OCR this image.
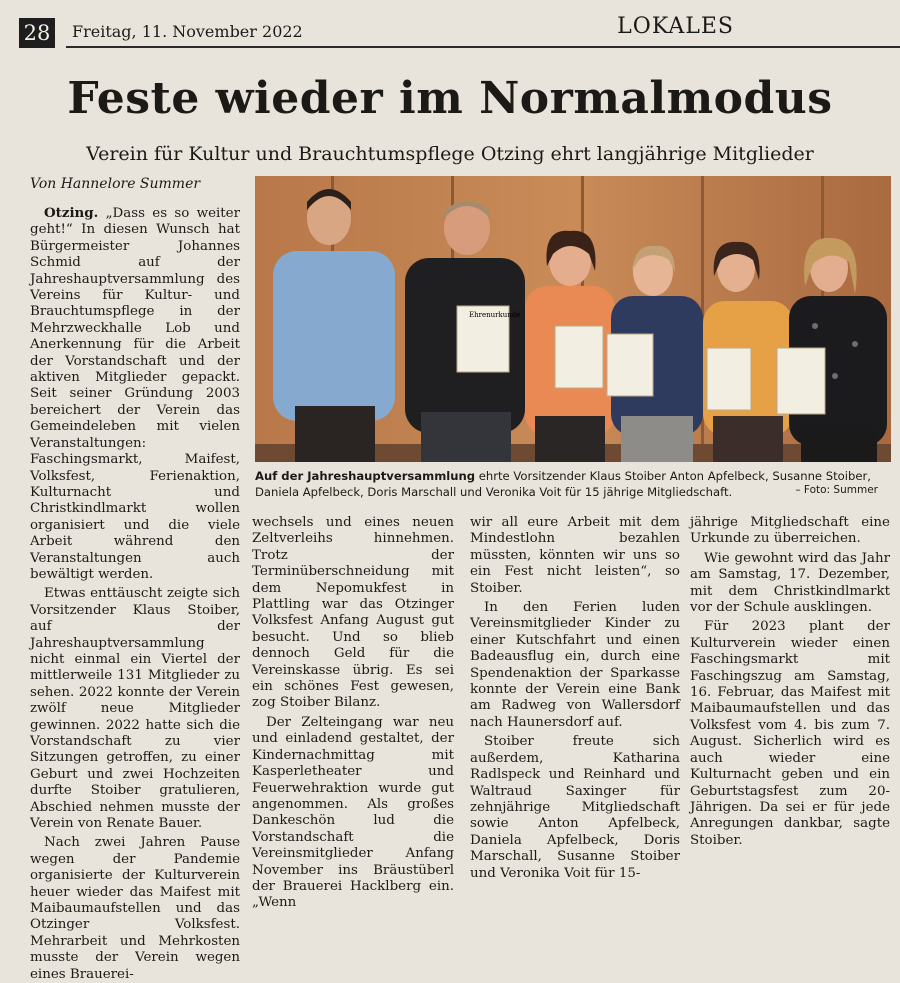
28 Freitag, 11. November 2022	LOKALES
Feste wieder im Normalmodus
Verein für Kultur und Brauchtumspflege Otzing ehrt langjährige Mitglieder
Von Hannelore Summer

Otzing. „Dass es so weiter geht!“ In diesen Wunsch hat Bürgermeister Johannes Schmid auf der Jahreshauptversammlung des Vereins für Kultur- und Brauchtumspflege in der Mehrzweckhalle Lob und Anerkennung für die Arbeit der Vorstandschaft und der aktiven Mitglieder gepackt. Seit seiner Gründung 2003 bereichert der Verein das Gemeindeleben mit vielen Veranstaltungen: Faschingsmarkt, Maifest, Volksfest, Ferienaktion, Kulturnacht und Christkindlmarkt wollen organisiert und die viele Arbeit während den Veranstaltungen auch bewältigt werden.

Etwas enttäuscht zeigte sich Vorsitzender Klaus Stoiber, auf der Jahreshauptversammlung nicht einmal ein Viertel der mittlerweile 131 Mitglieder zu sehen. 2022 konnte der Verein zwölf neue Mitglieder gewinnen. 2022 hatte sich die Vorstandschaft zu vier Sitzungen getroffen, zu einer Geburt und zwei Hochzeiten durfte Stoiber gratulieren, Abschied nehmen musste der Verein von Renate Bauer.

Nach zwei Jahren Pause wegen der Pandemie organisierte der Kulturverein heuer wieder das Maifest mit Maibaumaufstellen und das Otzinger Volksfest. Mehrarbeit und Mehrkosten musste der Verein wegen eines Brauerei-

Ehrenurkunde
Auf der Jahreshauptversammlung ehrte Vorsitzender Klaus Stoiber Anton Apfelbeck, Susanne Stoiber, Daniela Apfelbeck, Doris Marschall und Veronika Voit für 15 jährige Mitgliedschaft.	– Foto: Summer

wechsels und eines neuen Zeltverleihs hinnehmen. Trotz der Terminüberschneidung mit dem Nepomukfest in Plattling war das Otzinger Volksfest Anfang August gut besucht. Und so blieb dennoch Geld für die Vereinskasse übrig. Es sei ein schönes Fest gewesen, zog Stoiber Bilanz.

Der Zelteingang war neu und einladend gestaltet, der Kindernachmittag mit Kasperletheater und Feuerwehraktion wurde gut angenommen. Als großes Dankeschön lud die Vorstandschaft die Vereinsmitglieder Anfang November ins Bräustüberl der Brauerei Hacklberg ein. „Wenn

wir all eure Arbeit mit dem Mindestlohn bezahlen müssten, könnten wir uns so ein Fest nicht leisten“, so Stoiber.

In den Ferien luden Vereinsmitglieder Kinder zu einer Kutschfahrt und einen Badeausflug ein, durch eine Spendenaktion der Sparkasse konnte der Verein eine Bank am Radweg von Wallersdorf nach Haunersdorf auf.

Stoiber freute sich außerdem, Katharina Radlspeck und Reinhard und Waltraud Saxinger für zehnjährige Mitgliedschaft sowie Anton Apfelbeck, Daniela Apfelbeck, Doris Marschall, Susanne Stoiber und Veronika Voit für 15-

jährige Mitgliedschaft eine Urkunde zu überreichen.

Wie gewohnt wird das Jahr am Samstag, 17. Dezember, mit dem Christkindlmarkt vor der Schule ausklingen.

Für 2023 plant der Kulturverein wieder einen Faschingsmarkt mit Faschingszug am Samstag, 16. Februar, das Maifest mit Maibaumaufstellen und das Volksfest vom 4. bis zum 7. August. Sicherlich wird es auch wieder eine Kulturnacht geben und ein Geburtstagsfest zum 20-Jährigen. Da sei er für jede Anregungen dankbar, sagte Stoiber.
